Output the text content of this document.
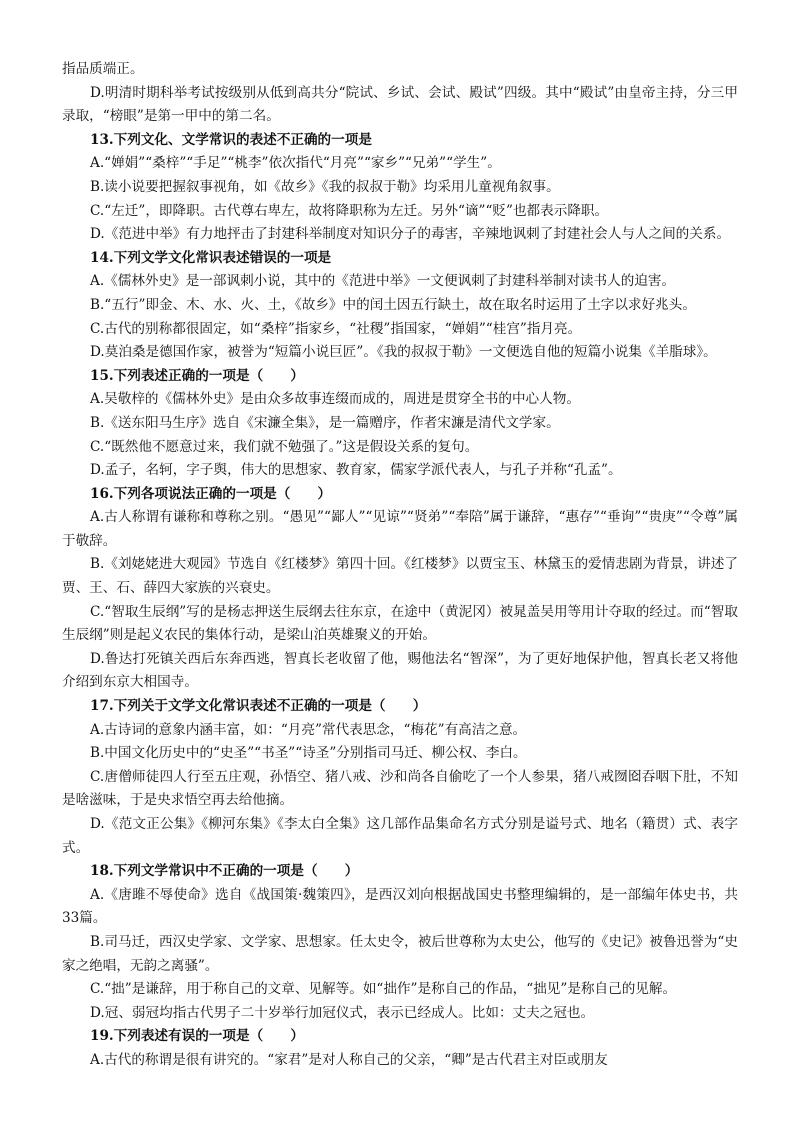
指品质端正。
D.明清时期科举考试按级别从低到高共分“院试、乡试、会试、殿试”四级。其中“殿试”由皇帝主持，分三甲录取，“榜眼”是第一甲中的第二名。
13.下列文化、文学常识的表述不正确的一项是
A.“婵娟”“桑梓”“手足”“桃李”依次指代“月亮”“家乡”“兄弟”“学生”。
B.读小说要把握叙事视角，如《故乡》《我的叔叔于勒》均采用儿童视角叙事。
C.“左迁”，即降职。古代尊右卑左，故将降职称为左迁。另外“谪”“贬”也都表示降职。
D.《范进中举》有力地抨击了封建科举制度对知识分子的毒害，辛辣地讽刺了封建社会人与人之间的关系。
14.下列文学文化常识表述错误的一项是
A.《儒林外史》是一部讽刺小说，其中的《范进中举》一文便讽刺了封建科举制对读书人的迫害。
B.“五行”即金、木、水、火、土，《故乡》中的闰土因五行缺土，故在取名时运用了土字以求好兆头。
C.古代的别称都很固定，如“桑梓”指家乡，“社稷”指国家，“婵娟”“桂宫”指月亮。
D.莫泊桑是德国作家，被誉为“短篇小说巨匠”。《我的叔叔于勒》一文便选自他的短篇小说集《羊脂球》。
15.下列表述正确的一项是（　　）
A.吴敬梓的《儒林外史》是由众多故事连缀而成的，周进是贯穿全书的中心人物。
B.《送东阳马生序》选自《宋濂全集》，是一篇赠序，作者宋濂是清代文学家。
C.“既然他不愿意过来，我们就不勉强了。”这是假设关系的复句。
D.孟子，名轲，字子舆，伟大的思想家、教育家，儒家学派代表人，与孔子并称“孔孟”。
16.下列各项说法正确的一项是（　　）
A.古人称谓有谦称和尊称之别。“愚见”“鄙人”“见谅”“贤弟”“奉陪”属于谦辞，“惠存”“垂询”“贵庚”“令尊”属于敬辞。
B.《刘姥姥进大观园》节选自《红楼梦》第四十回。《红楼梦》以贾宝玉、林黛玉的爱情悲剧为背景，讲述了贾、王、石、薛四大家族的兴衰史。
C.“智取生辰纲”写的是杨志押送生辰纲去往东京，在途中（黄泥冈）被晁盖吴用等用计夺取的经过。而“智取生辰纲”则是起义农民的集体行动，是梁山泊英雄聚义的开始。
D.鲁达打死镇关西后东奔西逃，智真长老收留了他，赐他法名“智深”，为了更好地保护他，智真长老又将他介绍到东京大相国寺。
17.下列关于文学文化常识表述不正确的一项是（　　）
A.古诗词的意象内涵丰富，如：“月亮”常代表思念，“梅花”有高洁之意。
B.中国文化历史中的“史圣”“书圣”“诗圣”分别指司马迁、柳公权、李白。
C.唐僧师徒四人行至五庄观，孙悟空、猪八戒、沙和尚各自偷吃了一个人参果，猪八戒囫囵吞咽下肚，不知是啥滋味，于是央求悟空再去给他摘。
D.《范文正公集》《柳河东集》《李太白全集》这几部作品集命名方式分别是谥号式、地名（籍贯）式、表字式。
18.下列文学常识中不正确的一项是（　　）
A.《唐雎不辱使命》选自《战国策·魏策四》，是西汉刘向根据战国史书整理编辑的，是一部编年体史书，共33篇。
B.司马迁，西汉史学家、文学家、思想家。任太史令，被后世尊称为太史公，他写的《史记》被鲁迅誉为“史家之绝唱，无韵之离骚”。
C.“拙”是谦辞，用于称自己的文章、见解等。如“拙作”是称自己的作品，“拙见”是称自己的见解。
D.冠、弱冠均指古代男子二十岁举行加冠仪式，表示已经成人。比如：丈夫之冠也。
19.下列表述有误的一项是（　　）
A.古代的称谓是很有讲究的。“家君”是对人称自己的父亲，“卿”是古代君主对臣或朋友
